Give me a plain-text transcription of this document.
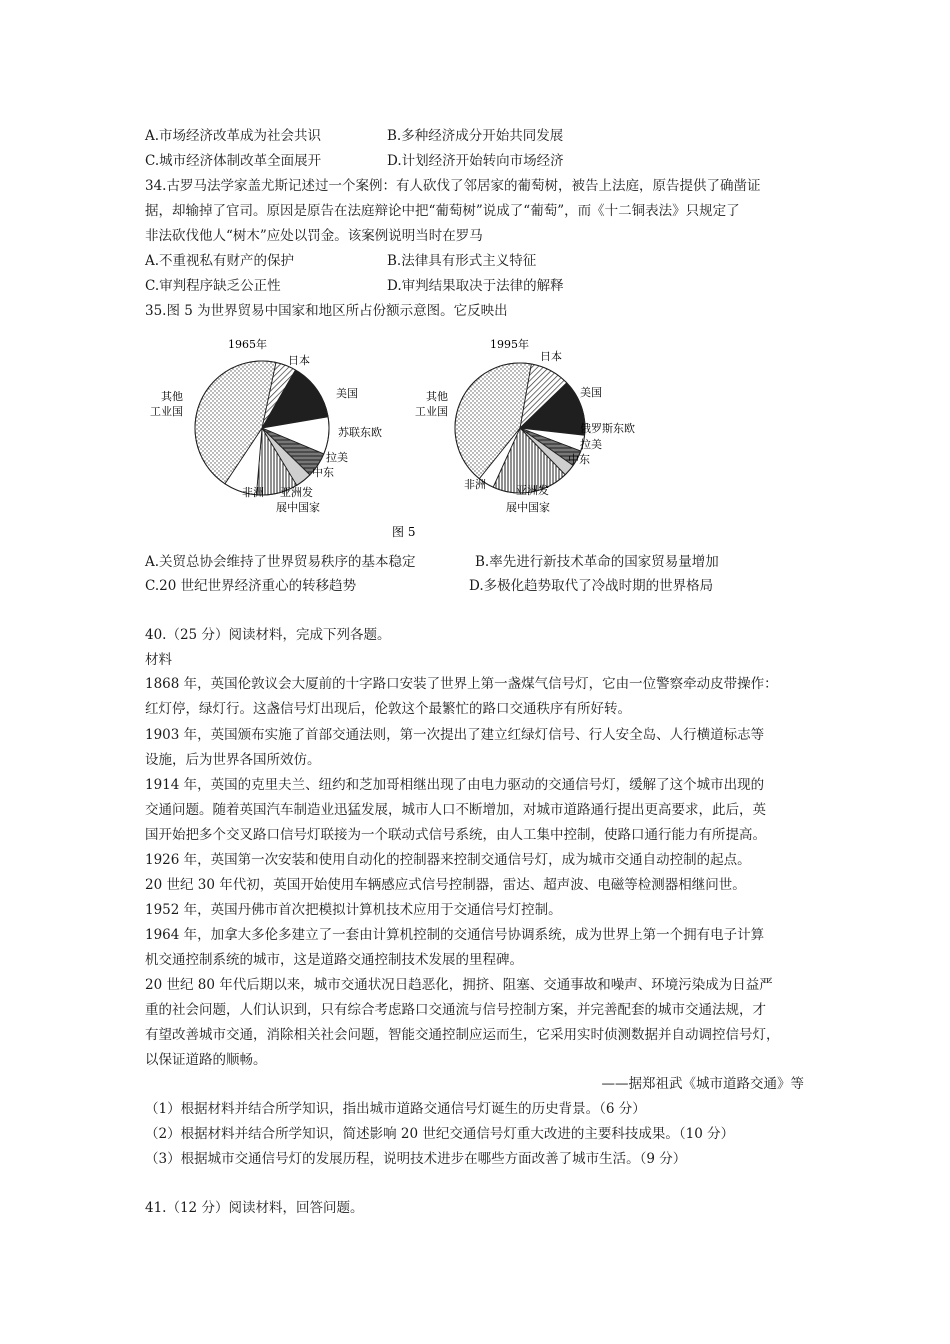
A.市场经济改革成为社会共识	B.多种经济成分开始共同发展
C.城市经济体制改革全面展开	D.计划经济开始转向市场经济
34.古罗马法学家盖尤斯记述过一个案例：有人砍伐了邻居家的葡萄树，被告上法庭，原告提供了确凿证
据，却输掉了官司。原因是原告在法庭辩论中把“葡萄树”说成了“葡萄”，而《十二铜表法》只规定了
非法砍伐他人“树木”应处以罚金。该案例说明当时在罗马
A.不重视私有财产的保护	B.法律具有形式主义特征
C.审判程序缺乏公正性	D.审判结果取决于法律的解释
35.图 5 为世界贸易中国家和地区所占份额示意图。它反映出
1965年
日本
美国
苏联东欧
拉美
中东
其他
工业国
非洲 亚洲发
展中国家
1995年
日本
美国
俄罗斯东欧
拉美
中东
其他
工业国
非洲	亚洲发
展中国家
图 5
A.关贸总协会维持了世界贸易秩序的基本稳定	B.率先进行新技术革命的国家贸易量增加
C.20 世纪世界经济重心的转移趋势	D.多极化趋势取代了冷战时期的世界格局
40.（25 分）阅读材料，完成下列各题。
材料
1868 年，英国伦敦议会大厦前的十字路口安装了世界上第一盏煤气信号灯，它由一位警察牵动皮带操作：
红灯停，绿灯行。这盏信号灯出现后，伦敦这个最繁忙的路口交通秩序有所好转。
1903 年，英国颁布实施了首部交通法则，第一次提出了建立红绿灯信号、行人安全岛、人行横道标志等
设施，后为世界各国所效仿。
1914 年，英国的克里夫兰、纽约和芝加哥相继出现了由电力驱动的交通信号灯，缓解了这个城市出现的
交通问题。随着英国汽车制造业迅猛发展，城市人口不断增加，对城市道路通行提出更高要求，此后，英
国开始把多个交叉路口信号灯联接为一个联动式信号系统，由人工集中控制，使路口通行能力有所提高。
1926 年，英国第一次安装和使用自动化的控制器来控制交通信号灯，成为城市交通自动控制的起点。
20 世纪 30 年代初，英国开始使用车辆感应式信号控制器，雷达、超声波、电磁等检测器相继问世。
1952 年，英国丹佛市首次把模拟计算机技术应用于交通信号灯控制。
1964 年，加拿大多伦多建立了一套由计算机控制的交通信号协调系统，成为世界上第一个拥有电子计算
机交通控制系统的城市，这是道路交通控制技术发展的里程碑。
20 世纪 80 年代后期以来，城市交通状况日趋恶化，拥挤、阻塞、交通事故和噪声、环境污染成为日益严
重的社会问题，人们认识到，只有综合考虑路口交通流与信号控制方案，并完善配套的城市交通法规，才
有望改善城市交通，消除相关社会问题，智能交通控制应运而生，它采用实时侦测数据并自动调控信号灯，
以保证道路的顺畅。
——据郑祖武《城市道路交通》等
（1）根据材料并结合所学知识，指出城市道路交通信号灯诞生的历史背景。（6 分）
（2）根据材料并结合所学知识，简述影响 20 世纪交通信号灯重大改进的主要科技成果。（10 分）
（3）根据城市交通信号灯的发展历程，说明技术进步在哪些方面改善了城市生活。（9 分）
41.（12 分）阅读材料，回答问题。
